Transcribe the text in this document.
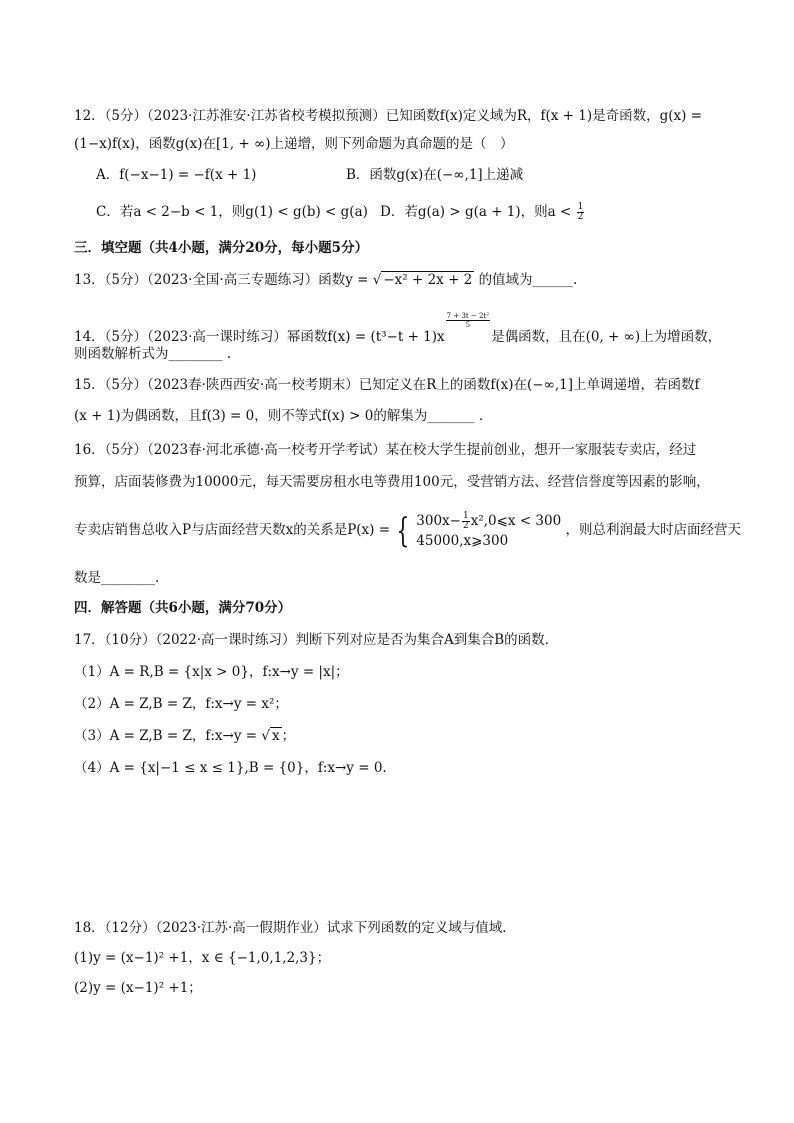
12．（5分）（2023·江苏淮安·江苏省校考模拟预测）已知函数f(x)定义域为R，f(x + 1)是奇函数，g(x) =
(1−x)f(x)，函数g(x)在[1, + ∞)上递增，则下列命题为真命题的是（　）
A．f(−x−1) = −f(x + 1)	B．函数g(x)在(−∞,1]上递减
C．若a < 2−b < 1，则g(1) < g(b) < g(a) D．若g(a) > g(a + 1)，则$a < \frac{1}{2}$
三．填空题（共4小题，满分20分，每小题5分）
13．（5分）（2023·全国·高三专题练习）函数y = √ −x² + 2x + 2 的值域为______.
14．（5分）（2023·高一课时练习）幂函数f(x) = (t³−t + 1)x
$\frac{\text{7 + 3t − 2t²}}{5}$
是偶函数，且在(0, + ∞)上为增函数，
则函数解析式为________ .
15．（5分）（2023春·陕西西安·高一校考期末）已知定义在R上的函数f(x)在(−∞,1]上单调递增，若函数f
(x + 1)为偶函数，且f(3) = 0，则不等式f(x) > 0的解集为_______ .
16．（5分）（2023春·河北承德·高一校考开学考试）某在校大学生提前创业，想开一家服装专卖店，经过
预算，店面装修费为10000元，每天需要房租水电等费用100元，受营销方法、经营信誉度等因素的影响，
专卖店销售总收入P与店面经营天数x的关系是P(x) = { $300x- \frac{1}{2}$ x²,0⩽x < 300
45000,x⩾300
，则总利润最大时店面经营天
数是________.
四．解答题（共6小题，满分70分）
17．（10分）（2022·高一课时练习）判断下列对应是否为集合A到集合B的函数．
（1）A = R,B = {x|x > 0}，f:x→y = |x|；
（2）A = Z,B = Z，f:x→y = x²；
（3）A = Z,B = Z，f:x→y = √ x ；
（4）A = {x|−1 ≤ x ≤ 1},B = {0}，f:x→y = 0.
18．（12分）（2023·江苏·高一假期作业）试求下列函数的定义域与值域．
(1)y = (x−1)² +1，x ∈ {−1,0,1,2,3}；
(2)y = (x−1)² +1；
